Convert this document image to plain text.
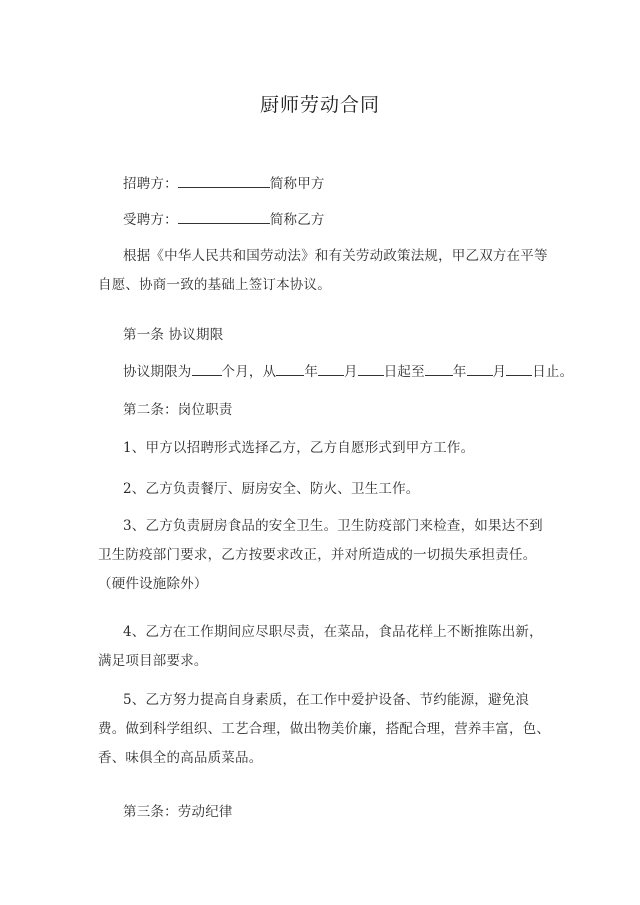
厨师劳动合同
招聘方：	简称甲方
受聘方：	简称乙方
根据《中华人民共和国劳动法》和有关劳动政策法规，甲乙双方在平等自愿、协商一致的基础上签订本协议。
第一条 协议期限
协议期限为 个月，从 年 月 日起至 年 月 日止。
第二条：岗位职责
1、甲方以招聘形式选择乙方，乙方自愿形式到甲方工作。
2、乙方负责餐厅、厨房安全、防火、卫生工作。
3、乙方负责厨房食品的安全卫生。卫生防疫部门来检查，如果达不到卫生防疫部门要求，乙方按要求改正，并对所造成的一切损失承担责任。（硬件设施除外）
4、乙方在工作期间应尽职尽责，在菜品，食品花样上不断推陈出新，满足项目部要求。
5、乙方努力提高自身素质，在工作中爱护设备、节约能源，避免浪费。做到科学组织、工艺合理，做出物美价廉，搭配合理，营养丰富，色、香、味俱全的高品质菜品。
第三条：劳动纪律
